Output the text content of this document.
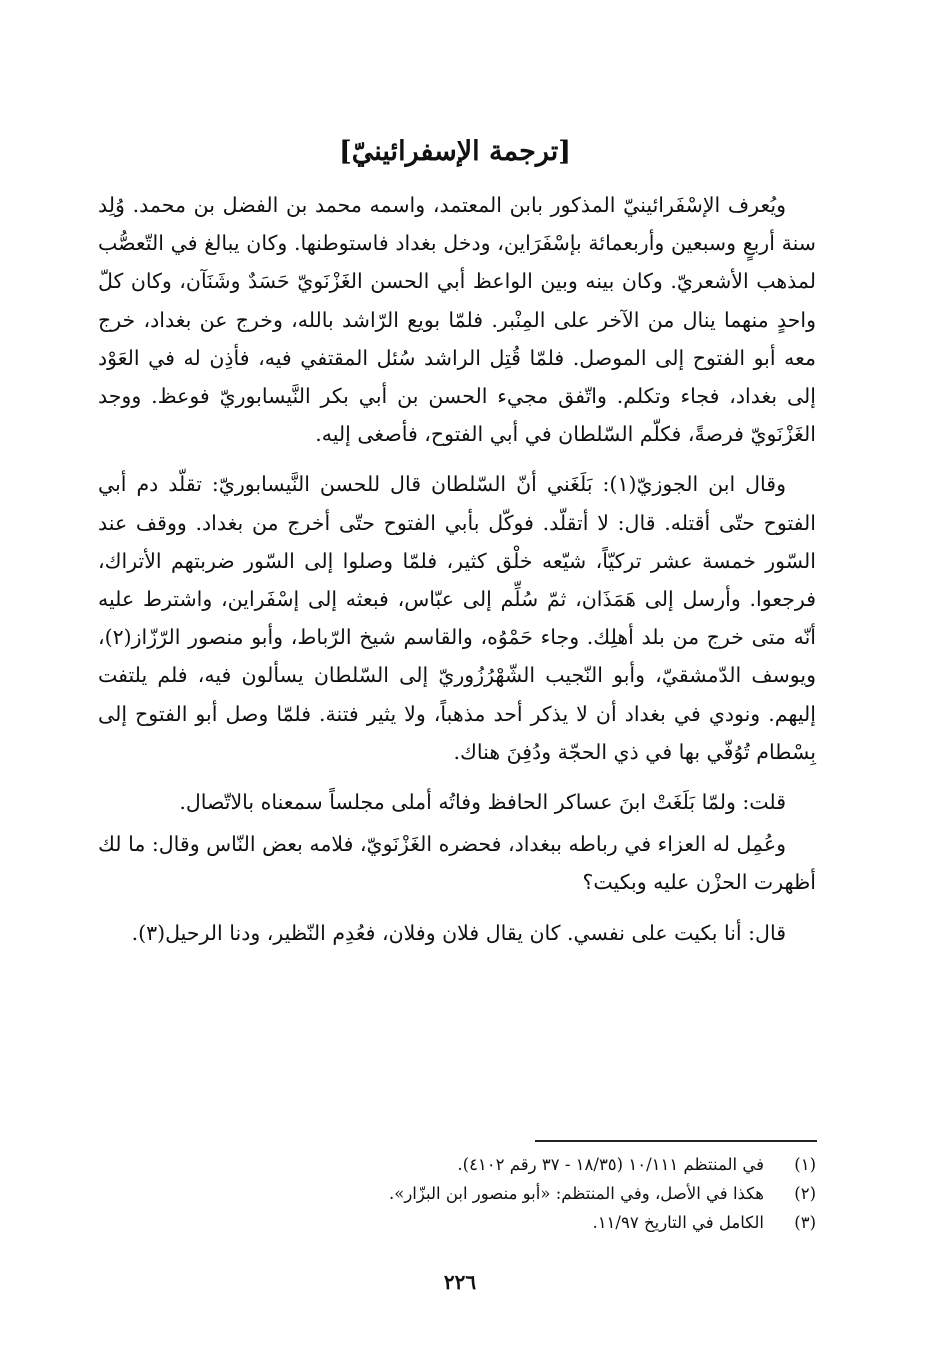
[ترجمة الإسفرائينيّ]

ويُعرف الإسْفَرائينيّ المذكور بابن المعتمد، واسمه محمد بن الفضل بن محمد. وُلِد سنة أربعٍ وسبعين وأربعمائة بإسْفَرَاين، ودخل بغداد فاستوطنها. وكان يبالغ في التّعصُّب لمذهب الأشعريّ. وكان بينه وبين الواعظ أبي الحسن الغَزْنَويّ حَسَدٌ وشَنَآن، وكان كلّ واحدٍ منهما ينال من الآخر على المِنْبر. فلمّا بويع الرّاشد بالله، وخرج عن بغداد، خرج معه أبو الفتوح إلى الموصل. فلمّا قُتِل الراشد سُئل المقتفي فيه، فأذِن له في العَوْد إلى بغداد، فجاء وتكلم. واتّفق مجيء الحسن بن أبي بكر النَّيسابوريّ فوعظ. ووجد الغَزْنَويّ فرصةً، فكلّم السّلطان في أبي الفتوح، فأصغى إليه.

وقال ابن الجوزيّ(١): بَلَغَني أنّ السّلطان قال للحسن النَّيسابوريّ: تقلّد دم أبي الفتوح حتّى أقتله. قال: لا أتقلّد. فوكّل بأبي الفتوح حتّى أخرج من بغداد. ووقف عند السّور خمسة عشر تركيّاً، شيّعه خلْق كثير، فلمّا وصلوا إلى السّور ضربتهم الأتراك، فرجعوا. وأرسل إلى هَمَذَان، ثمّ سُلِّم إلى عبّاس، فبعثه إلى إسْفَراين، واشترط عليه أنّه متى خرج من بلد أهلِك. وجاء حَمْوُه، والقاسم شيخ الرّباط، وأبو منصور الرّزّاز(٢)، ويوسف الدّمشقيّ، وأبو النّجيب الشّهْرُزُوريّ إلى السّلطان يسألون فيه، فلم يلتفت إليهم. ونودي في بغداد أن لا يذكر أحد مذهباً، ولا يثير فتنة. فلمّا وصل أبو الفتوح إلى بِسْطام تُوُفّي بها في ذي الحجّة ودُفِنَ هناك.

قلت: ولمّا بَلَغَتْ ابنَ عساكر الحافظ وفاتُه أملى مجلساً سمعناه بالاتّصال.

وعُمِل له العزاء في رباطه ببغداد، فحضره الغَزْنَويّ، فلامه بعض النّاس وقال: ما لك أظهرت الحزْن عليه وبكيت؟

قال: أنا بكيت على نفسي. كان يقال فلان وفلان، فعُدِم النّظير، ودنا الرحيل(٣).

(١)
في المنتظم ١٠/١١١ (١٨/٣٥ - ٣٧ رقم ٤١٠٢).
(٢)
هكذا في الأصل، وفي المنتظم: «أبو منصور ابن البزّار».
(٣)
الكامل في التاريخ ١١/٩٧.
٢٢٦
